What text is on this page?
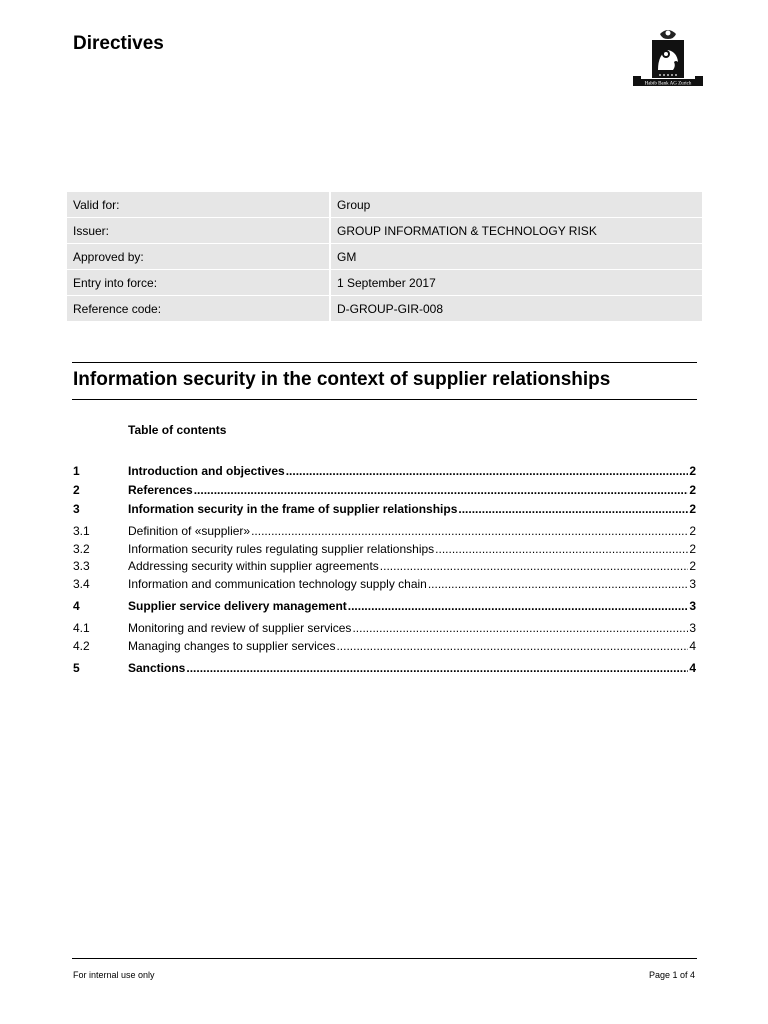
Directives
Habib Bank AG Zurich
Valid for:	Group
Issuer:	GROUP INFORMATION & TECHNOLOGY RISK
Approved by:	GM
Entry into force:	1 September 2017
Reference code:	D-GROUP-GIR-008
Information security in the context of supplier relationships
Table of contents
1	Introduction and objectives .....	2
2	References .....	2
3	Information security in the frame of supplier relationships .....	2
3.1	Definition of «supplier» .....	2
3.2	Information security rules regulating supplier relationships .....	2
3.3	Addressing security within supplier agreements .....	2
3.4	Information and communication technology supply chain .....	3
4	Supplier service delivery management .....	3
4.1	Monitoring and review of supplier services .....	3
4.2	Managing changes to supplier services .....	4
5	Sanctions .....	4
For internal use only	Page 1 of 4
